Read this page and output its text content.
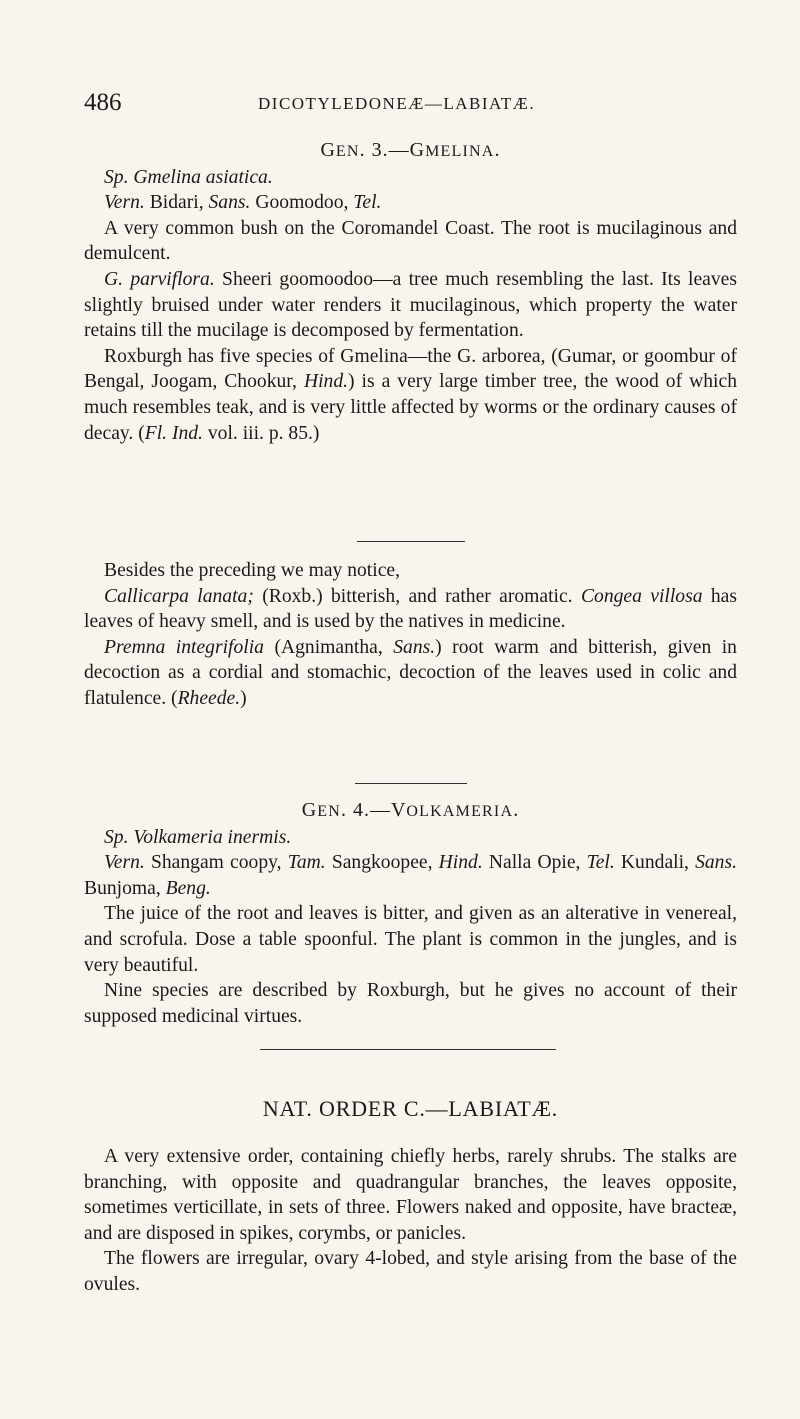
486	DICOTYLEDONEÆ—LABIATÆ.

GEN. 3.—GMELINA.

Sp. Gmelina asiatica.

Vern. Bidari, Sans. Goomodoo, Tel.

A very common bush on the Coromandel Coast. The root is mucilaginous and demulcent.

G. parviflora. Sheeri goomoodoo—a tree much resembling the last. Its leaves slightly bruised under water renders it mucilaginous, which property the water retains till the mucilage is decomposed by fermentation.

Roxburgh has five species of Gmelina—the G. arborea, (Gumar, or goombur of Bengal, Joogam, Chookur, Hind.) is a very large timber tree, the wood of which much resembles teak, and is very little affected by worms or the ordinary causes of decay. (Fl. Ind. vol. iii. p. 85.)

Besides the preceding we may notice,

Callicarpa lanata; (Roxb.) bitterish, and rather aromatic. Congea villosa has leaves of heavy smell, and is used by the natives in medicine.

Premna integrifolia (Agnimantha, Sans.) root warm and bitterish, given in decoction as a cordial and stomachic, decoction of the leaves used in colic and flatulence. (Rheede.)

GEN. 4.—VOLKAMERIA.

Sp. Volkameria inermis.

Vern. Shangam coopy, Tam. Sangkoopee, Hind. Nalla Opie, Tel. Kundali, Sans. Bunjoma, Beng.

The juice of the root and leaves is bitter, and given as an alterative in venereal, and scrofula. Dose a table spoonful. The plant is common in the jungles, and is very beautiful.

Nine species are described by Roxburgh, but he gives no account of their supposed medicinal virtues.

NAT. ORDER C.—LABIATÆ.

A very extensive order, containing chiefly herbs, rarely shrubs. The stalks are branching, with opposite and quadrangular branches, the leaves opposite, sometimes verticillate, in sets of three. Flowers naked and opposite, have bracteæ, and are disposed in spikes, corymbs, or panicles.

The flowers are irregular, ovary 4-lobed, and style arising from the base of the ovules.
